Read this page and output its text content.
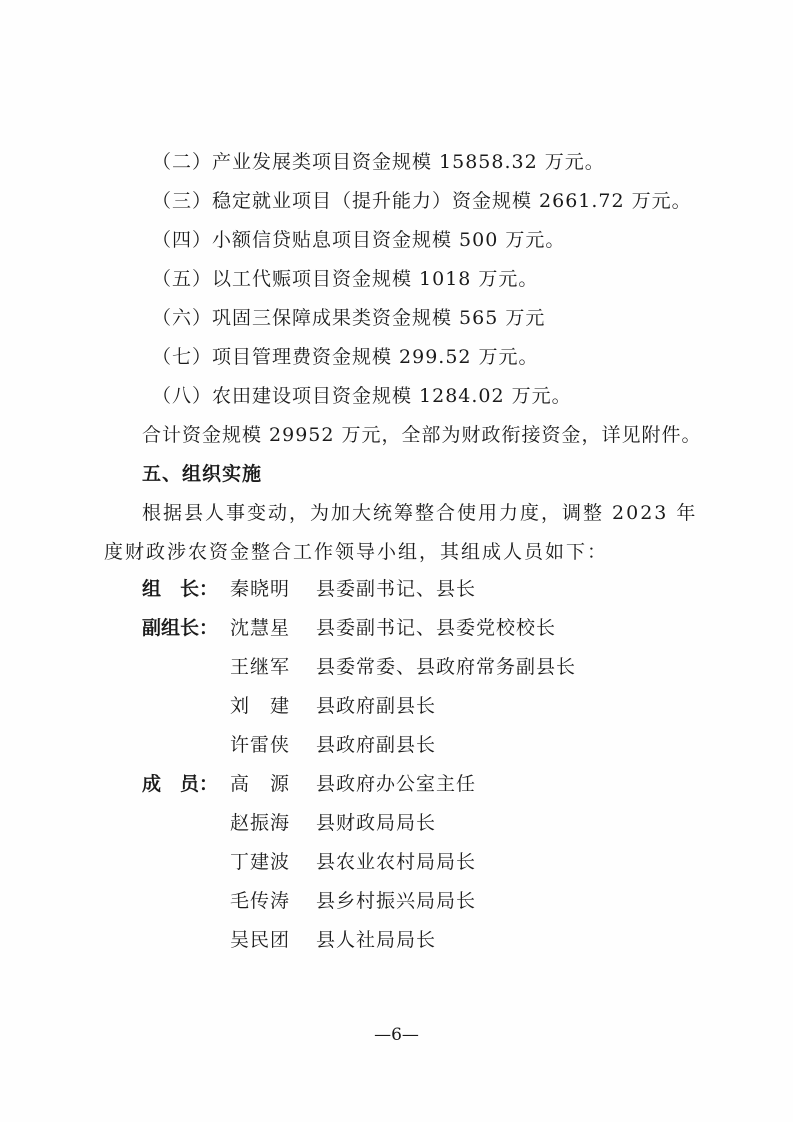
（二）产业发展类项目资金规模 15858.32 万元。
（三）稳定就业项目（提升能力）资金规模 2661.72 万元。
（四）小额信贷贴息项目资金规模 500 万元。
（五）以工代赈项目资金规模 1018 万元。
（六）巩固三保障成果类资金规模 565 万元
（七）项目管理费资金规模 299.52 万元。
（八）农田建设项目资金规模 1284.02 万元。
合计资金规模 29952 万元，全部为财政衔接资金，详见附件。
五、组织实施
根据县人事变动，为加大统筹整合使用力度，调整 2023 年
度财政涉农资金整合工作领导小组，其组成人员如下：
组　长： 秦晓明 县委副书记、县长
副组长： 沈慧星 县委副书记、县委党校校长
王继军 县委常委、县政府常务副县长
刘　建 县政府副县长
许雷侠 县政府副县长
成　员： 高　源 县政府办公室主任
赵振海 县财政局局长
丁建波 县农业农村局局长
毛传涛 县乡村振兴局局长
吴民团 县人社局局长
—6—
